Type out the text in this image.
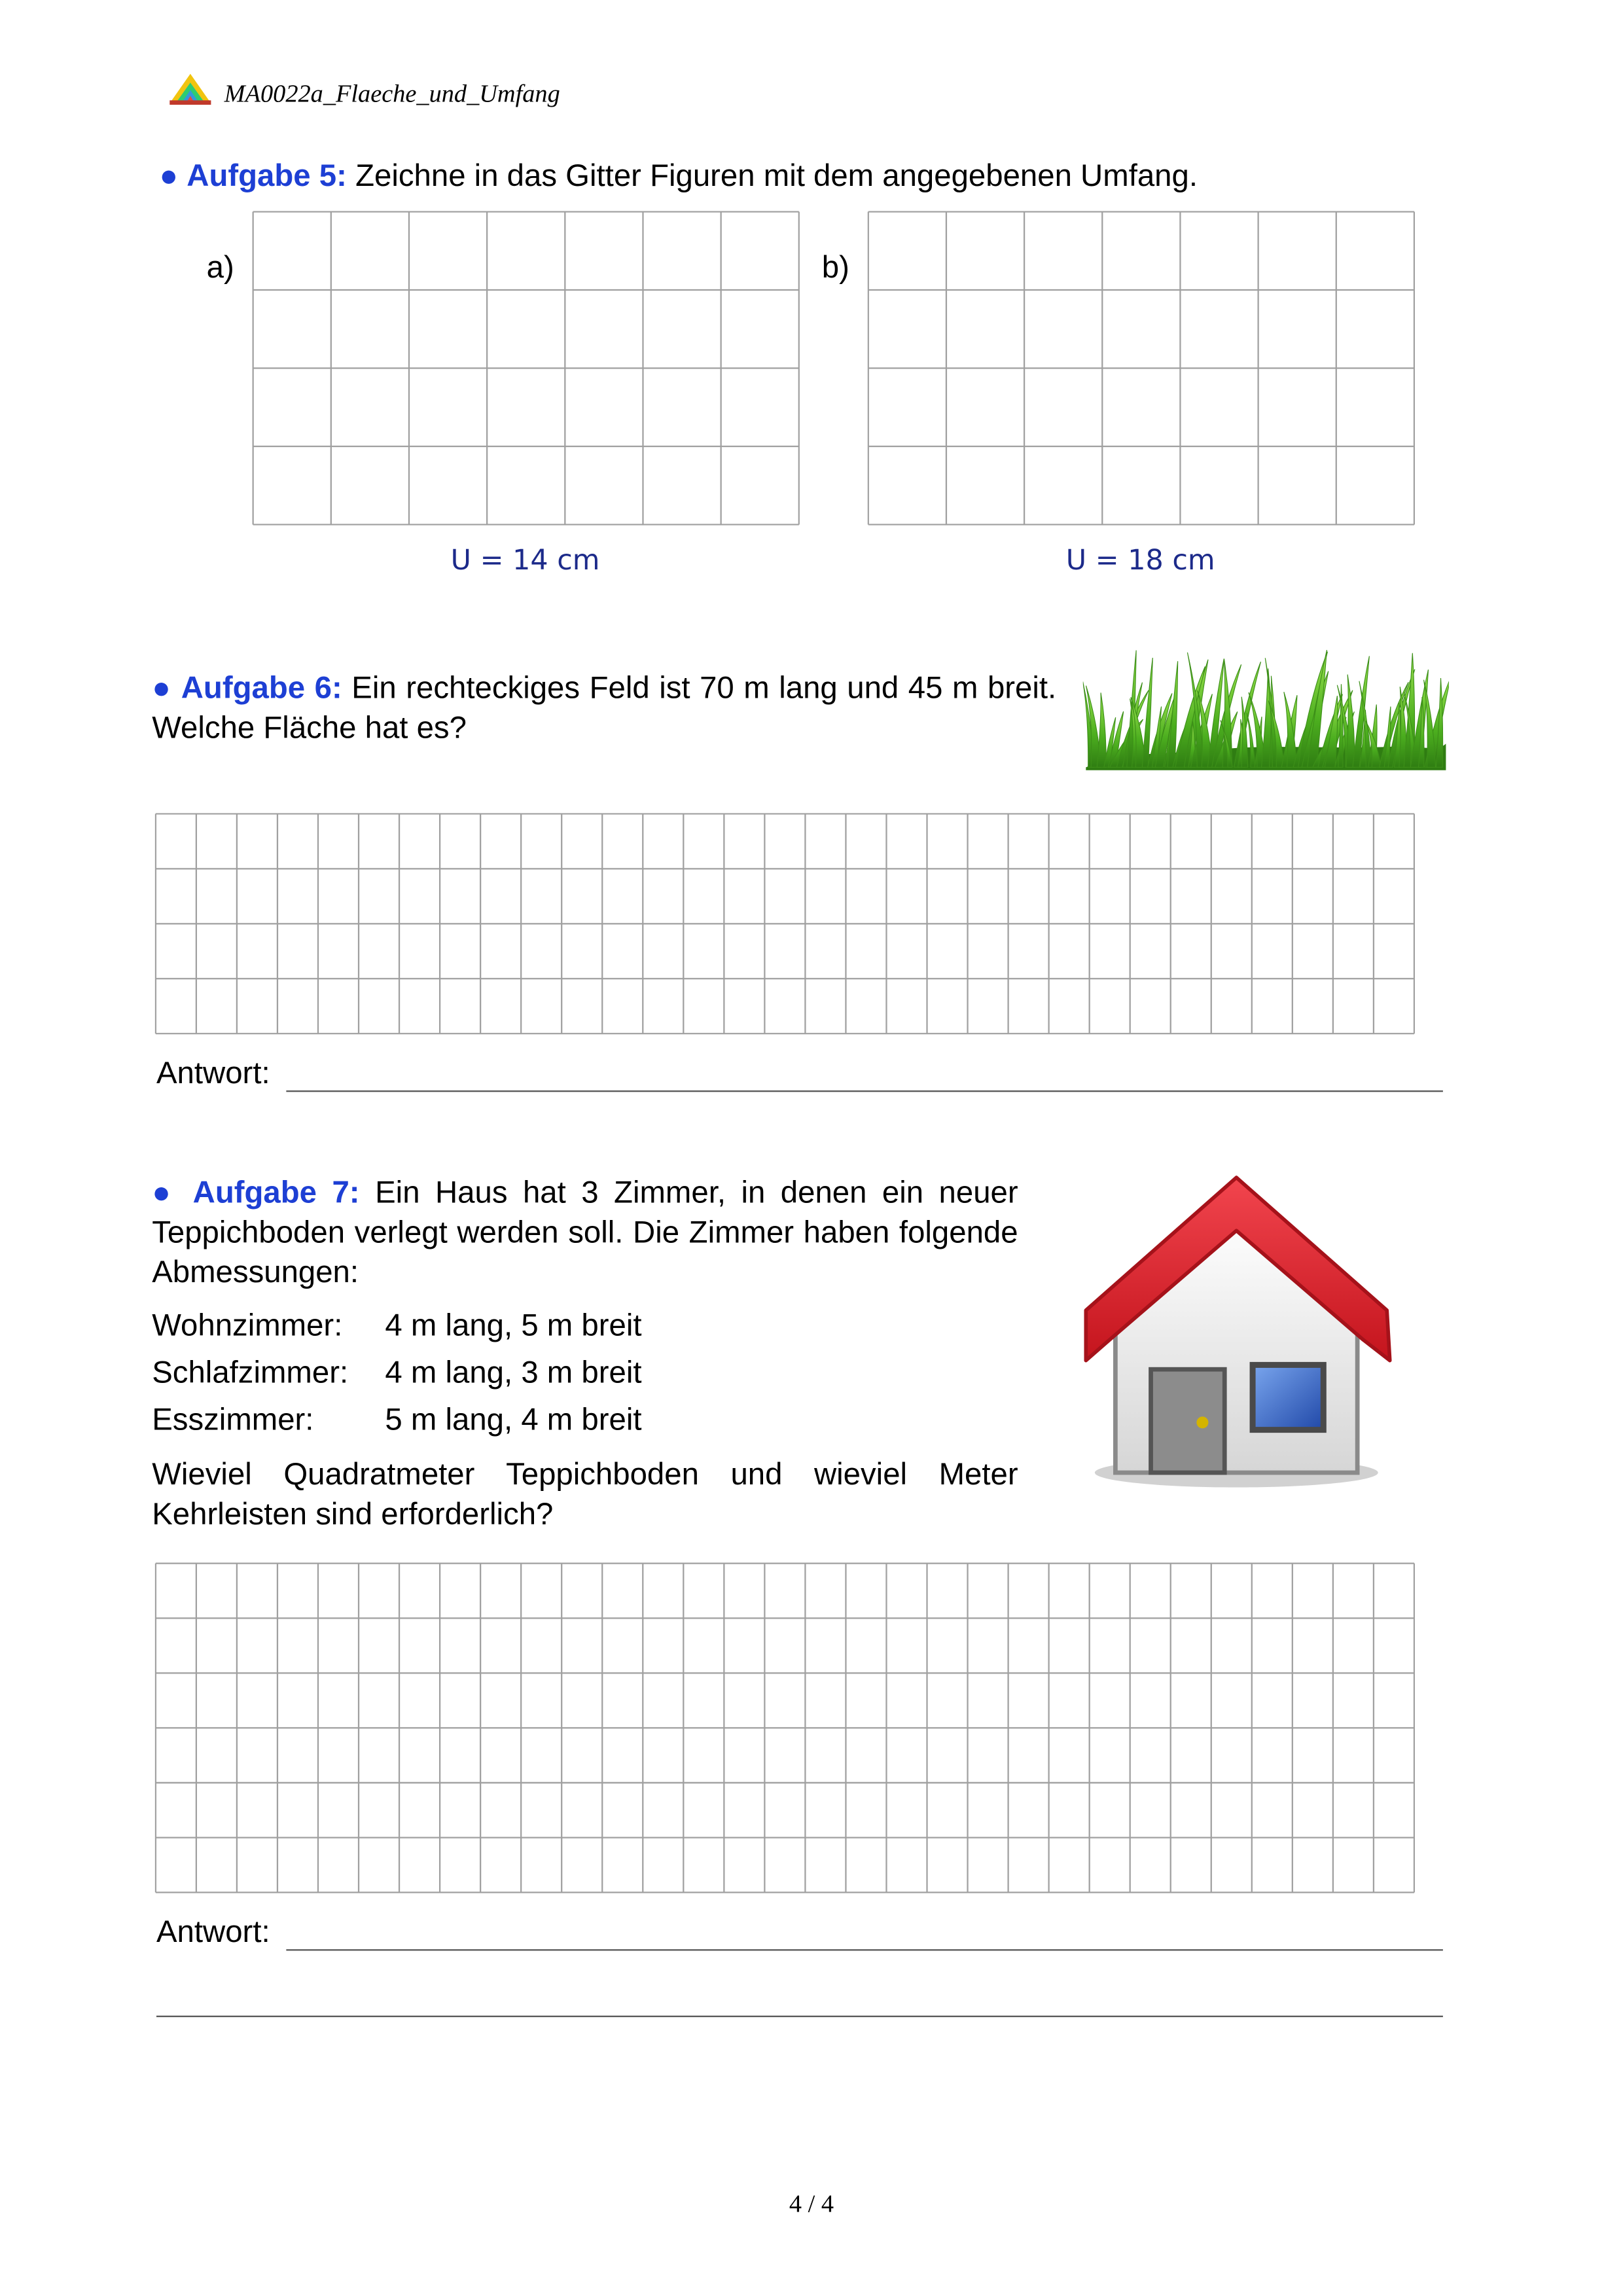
MA0022a_Flaeche_und_Umfang
● Aufgabe 5: Zeichne in das Gitter Figuren mit dem angegebenen Umfang.
a)	b)
U = 14 cm	U = 18 cm
● Aufgabe 6: Ein rechteckiges Feld ist 70 m lang und 45 m breit. Welche Fläche hat es?
Antwort:
● Aufgabe 7: Ein Haus hat 3 Zimmer, in denen ein neuer Teppichboden verlegt werden soll. Die Zimmer haben folgende Abmessungen:
Wohnzimmer:	4 m lang, 5 m breit
Schlafzimmer:	4 m lang, 3 m breit
Esszimmer:	5 m lang, 4 m breit
Wieviel Quadratmeter Teppichboden und wieviel Meter Kehrleisten sind erforderlich?
Antwort:
4 / 4
